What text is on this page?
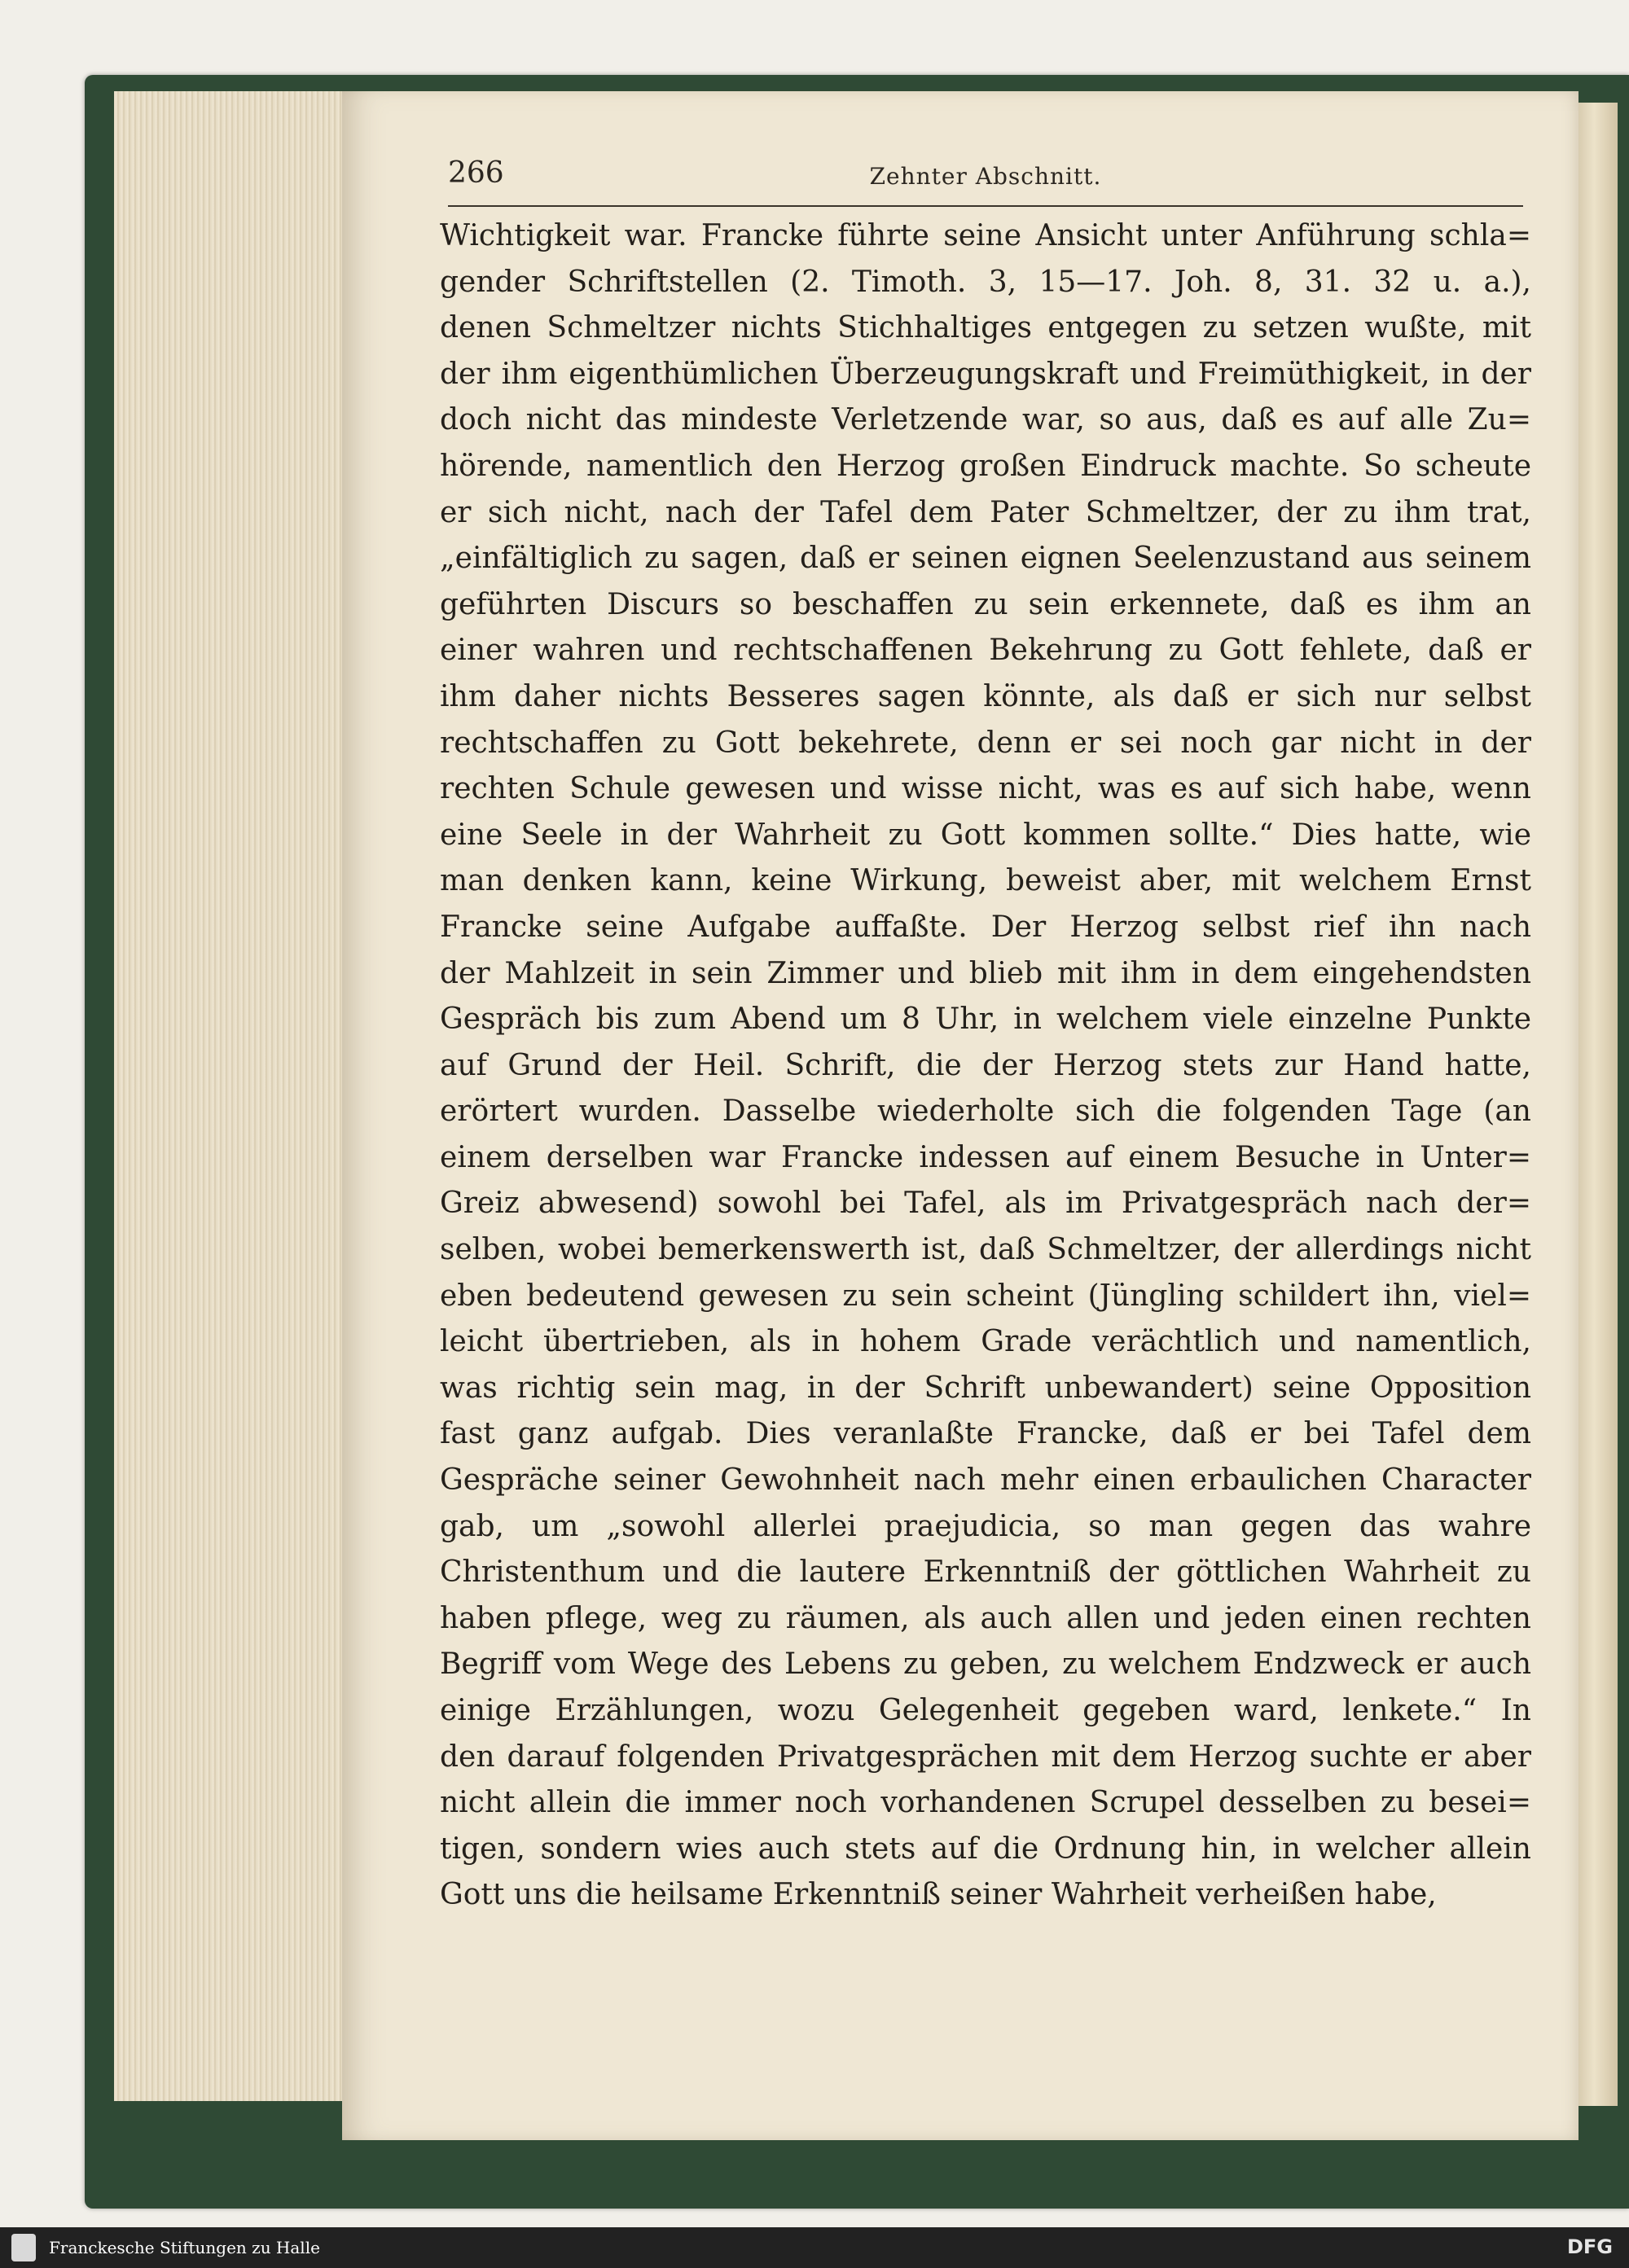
266	Zehnter Abschnitt.
Wichtigkeit war. Francke führte seine Ansicht unter Anführung schla=
gender Schriftstellen (2. Timoth. 3, 15—17. Joh. 8, 31. 32 u. a.),
denen Schmeltzer nichts Stichhaltiges entgegen zu setzen wußte, mit
der ihm eigenthümlichen Überzeugungskraft und Freimüthigkeit, in der
doch nicht das mindeste Verletzende war, so aus, daß es auf alle Zu=
hörende, namentlich den Herzog großen Eindruck machte. So scheute
er sich nicht, nach der Tafel dem Pater Schmeltzer, der zu ihm trat,
„einfältiglich zu sagen, daß er seinen eignen Seelenzustand aus seinem
geführten Discurs so beschaffen zu sein erkennete, daß es ihm an
einer wahren und rechtschaffenen Bekehrung zu Gott fehlete, daß er
ihm daher nichts Besseres sagen könnte, als daß er sich nur selbst
rechtschaffen zu Gott bekehrete, denn er sei noch gar nicht in der
rechten Schule gewesen und wisse nicht, was es auf sich habe, wenn
eine Seele in der Wahrheit zu Gott kommen sollte.“ Dies hatte, wie
man denken kann, keine Wirkung, beweist aber, mit welchem Ernst
Francke seine Aufgabe auffaßte. Der Herzog selbst rief ihn nach
der Mahlzeit in sein Zimmer und blieb mit ihm in dem eingehendsten
Gespräch bis zum Abend um 8 Uhr, in welchem viele einzelne Punkte
auf Grund der Heil. Schrift, die der Herzog stets zur Hand hatte,
erörtert wurden. Dasselbe wiederholte sich die folgenden Tage (an
einem derselben war Francke indessen auf einem Besuche in Unter=
Greiz abwesend) sowohl bei Tafel, als im Privatgespräch nach der=
selben, wobei bemerkenswerth ist, daß Schmeltzer, der allerdings nicht
eben bedeutend gewesen zu sein scheint (Jüngling schildert ihn, viel=
leicht übertrieben, als in hohem Grade verächtlich und namentlich,
was richtig sein mag, in der Schrift unbewandert) seine Opposition
fast ganz aufgab. Dies veranlaßte Francke, daß er bei Tafel dem
Gespräche seiner Gewohnheit nach mehr einen erbaulichen Character
gab, um „sowohl allerlei praejudicia, so man gegen das wahre
Christenthum und die lautere Erkenntniß der göttlichen Wahrheit zu
haben pflege, weg zu räumen, als auch allen und jeden einen rechten
Begriff vom Wege des Lebens zu geben, zu welchem Endzweck er auch
einige Erzählungen, wozu Gelegenheit gegeben ward, lenkete.“ In
den darauf folgenden Privatgesprächen mit dem Herzog suchte er aber
nicht allein die immer noch vorhandenen Scrupel desselben zu besei=
tigen, sondern wies auch stets auf die Ordnung hin, in welcher allein
Gott uns die heilsame Erkenntniß seiner Wahrheit verheißen habe,
Franckesche Stiftungen zu Halle	DFG
